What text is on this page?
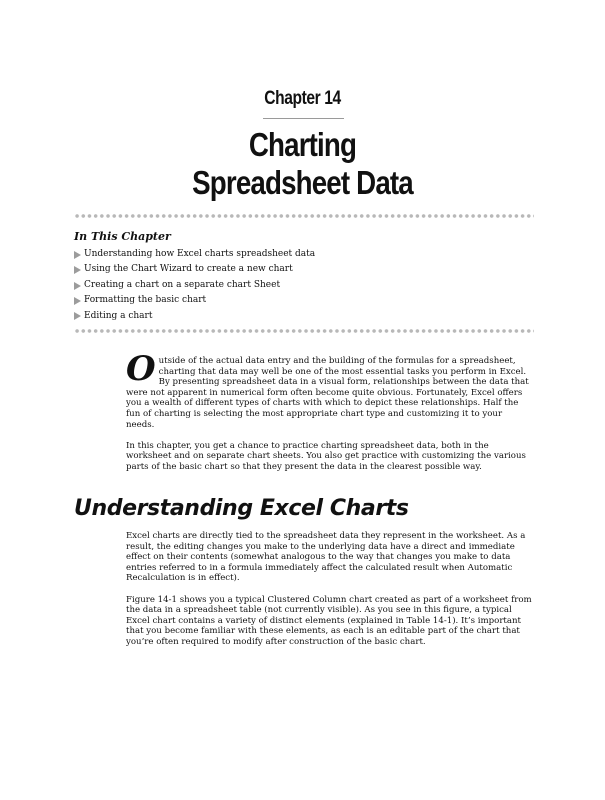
Chapter 14
Charting
Spreadsheet Data
In This Chapter
Understanding how Excel charts spreadsheet data
Using the Chart Wizard to create a new chart
Creating a chart on a separate chart Sheet
Formatting the basic chart
Editing a chart

Outside of the actual data entry and the building of the formulas for a spreadsheet, charting that data may well be one of the most essential tasks you perform in Excel. By presenting spreadsheet data in a visual form, relationships between the data that were not apparent in numerical form often become quite obvious. Fortunately, Excel offers you a wealth of different types of charts with which to depict these relationships. Half the fun of charting is selecting the most appropriate chart type and customizing it to your needs.

In this chapter, you get a chance to practice charting spreadsheet data, both in the worksheet and on separate chart sheets. You also get practice with customizing the various parts of the basic chart so that they present the data in the clearest possible way.

Understanding Excel Charts

Excel charts are directly tied to the spreadsheet data they represent in the worksheet. As a result, the editing changes you make to the underlying data have a direct and immediate effect on their contents (somewhat analogous to the way that changes you make to data entries referred to in a formula immediately affect the calculated result when Automatic Recalculation is in effect).

Figure 14-1 shows you a typical Clustered Column chart created as part of a worksheet from the data in a spreadsheet table (not currently visible). As you see in this figure, a typical Excel chart contains a variety of distinct elements (explained in Table 14-1). It’s important that you become familiar with these elements, as each is an editable part of the chart that you’re often required to modify after construction of the basic chart.
